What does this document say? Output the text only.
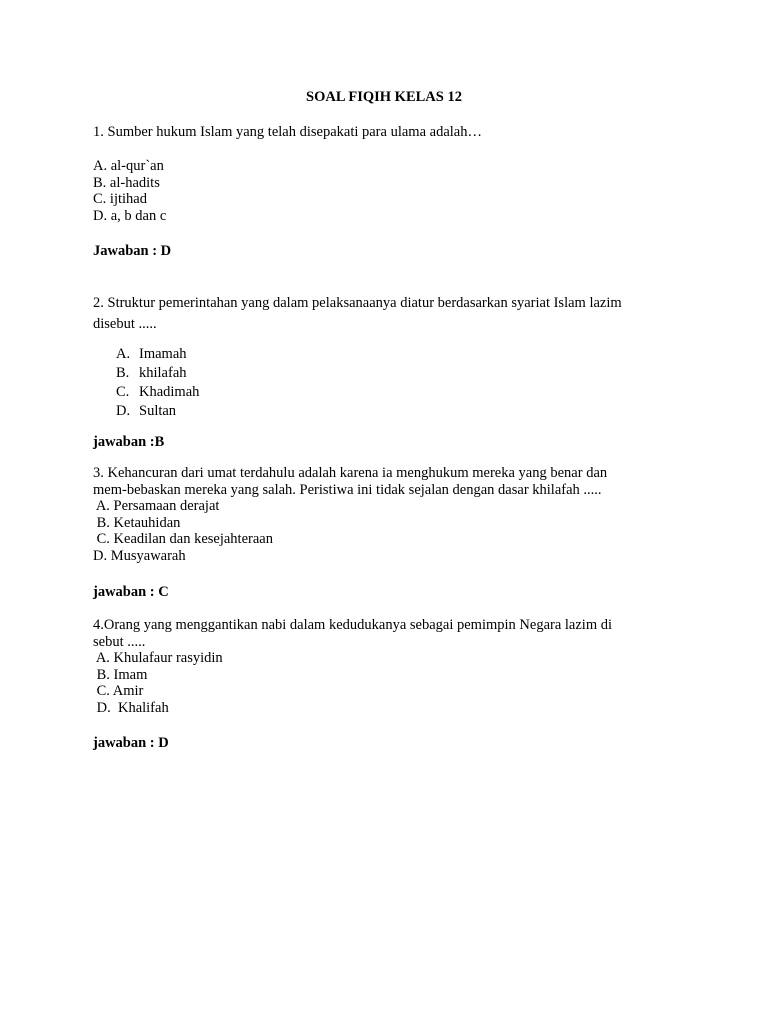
SOAL FIQIH KELAS 12
1. Sumber hukum Islam yang telah disepakati para ulama adalah…
A. al-qur`an
B. al-hadits
C. ijtihad
D. a, b dan c
Jawaban : D
2. Struktur pemerintahan yang dalam pelaksanaanya diatur berdasarkan syariat Islam lazim
disebut .....
A. Imamah
B. khilafah
C. Khadimah
D. Sultan
jawaban :B
3. Kehancuran dari umat terdahulu adalah karena ia menghukum mereka yang benar dan
mem-bebaskan mereka yang salah. Peristiwa ini tidak sejalan dengan dasar khilafah .....
A. Persamaan derajat
B. Ketauhidan
C. Keadilan dan kesejahteraan
D. Musyawarah
jawaban : C
4.Orang yang menggantikan nabi dalam kedudukanya sebagai pemimpin Negara lazim di
sebut .....
A. Khulafaur rasyidin
B. Imam
C. Amir
D.  Khalifah
jawaban : D
